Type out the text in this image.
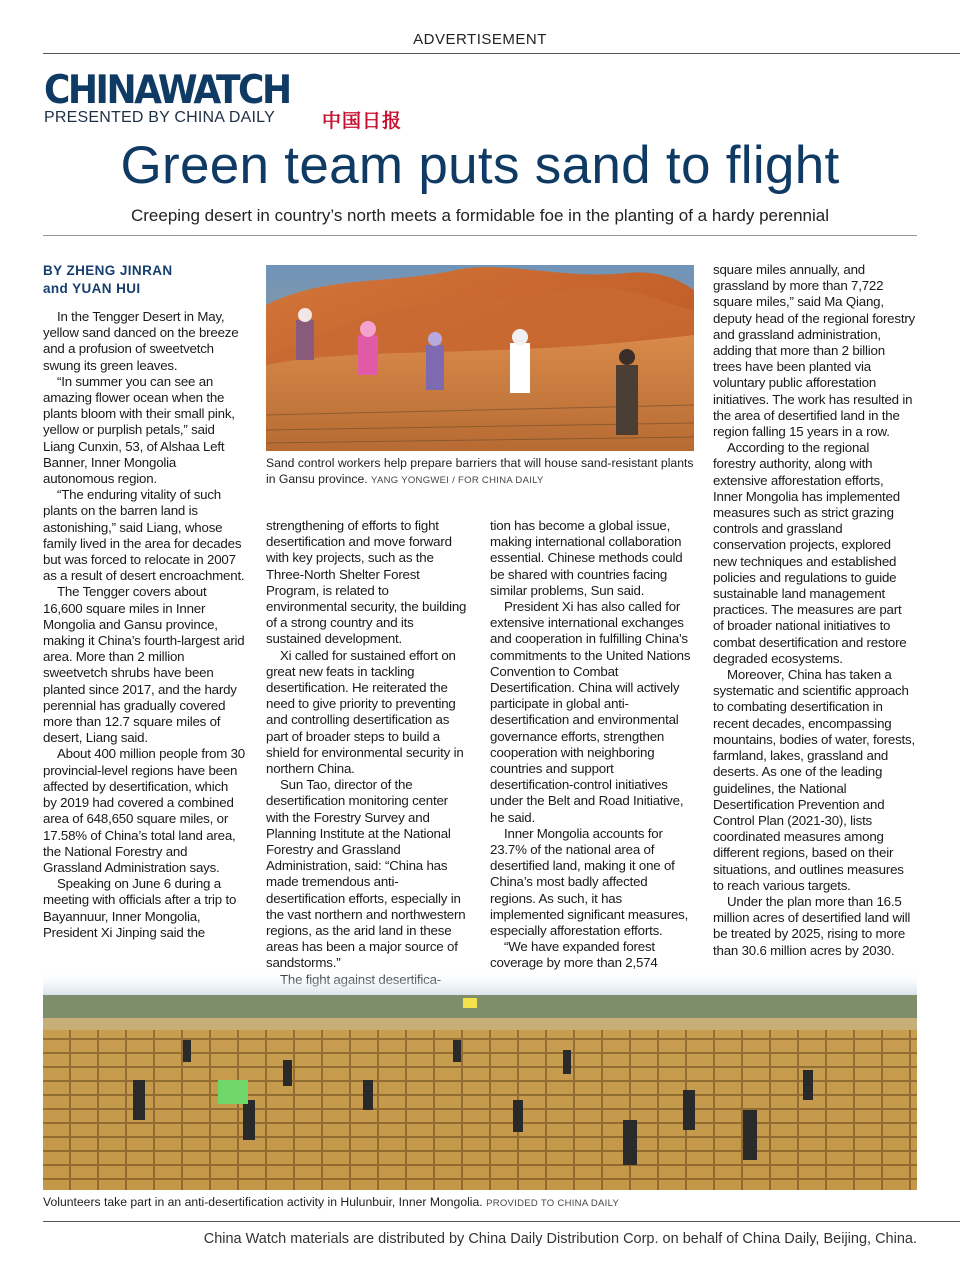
ADVERTISEMENT
CHINAWATCH
PRESENTED BY CHINA DAILY 中国日报
Green team puts sand to flight
Creeping desert in country’s north meets a formidable foe in the planting of a hardy perennial
BY ZHENG JINRAN
and YUAN HUI

In the Tengger Desert in May, yellow sand danced on the breeze and a profusion of sweetvetch swung its green leaves.

“In summer you can see an amazing flower ocean when the plants bloom with their small pink, yellow or purplish petals,” said Liang Cunxin, 53, of Alshaa Left Banner, Inner Mongolia autonomous region.

“The enduring vitality of such plants on the barren land is astonishing,” said Liang, whose family lived in the area for decades but was forced to relocate in 2007 as a result of desert encroachment.

The Tengger covers about 16,600 square miles in Inner Mongolia and Gansu province, making it China’s fourth-largest arid area. More than 2 million sweetvetch shrubs have been planted since 2017, and the hardy perennial has gradually covered more than 12.7 square miles of desert, Liang said.

About 400 million people from 30 provincial-level regions have been affected by desertification, which by 2019 had covered a combined area of 648,650 square miles, or 17.58% of China’s total land area, the National Forestry and Grassland Administration says.

Speaking on June 6 during a meeting with officials after a trip to Bayannuur, Inner Mongolia, President Xi Jinping said the

Sand control workers help prepare barriers that will house sand-resistant plants in Gansu province. YANG YONGWEI / FOR CHINA DAILY

strengthening of efforts to fight desertification and move forward with key projects, such as the Three-North Shelter Forest Program, is related to environmental security, the building of a strong country and its sustained development.

Xi called for sustained effort on great new feats in tackling desertification. He reiterated the need to give priority to preventing and controlling desertification as part of broader steps to build a shield for environmental security in northern China.

Sun Tao, director of the desertification monitoring center with the Forestry Survey and Planning Institute at the National Forestry and Grassland Administration, said: “China has made tremendous anti-desertification efforts, especially in the vast northern and northwestern regions, as the arid land in these areas has been a major source of sandstorms.”

tion has become a global issue, making international collaboration essential. Chinese methods could be shared with countries facing similar problems, Sun said.

President Xi has also called for extensive international exchanges and cooperation in fulfilling China’s commitments to the United Nations Convention to Combat Desertification. China will actively participate in global anti-desertification and environmental governance efforts, strengthen cooperation with neighboring countries and support desertification-control initiatives under the Belt and Road Initiative, he said.

Inner Mongolia accounts for 23.7% of the national area of desertified land, making it one of China’s most badly affected regions. As such, it has implemented significant measures, especially afforestation efforts.

“We have expanded forest coverage by more than 2,574

square miles annually, and grassland by more than 7,722 square miles,” said Ma Qiang, deputy head of the regional forestry and grassland administration, adding that more than 2 billion trees have been planted via voluntary public afforestation initiatives. The work has resulted in the area of desertified land in the region falling 15 years in a row.

According to the regional forestry authority, along with extensive afforestation efforts, Inner Mongolia has implemented measures such as strict grazing controls and grassland conservation projects, explored new techniques and established policies and regulations to guide sustainable land management practices. The measures are part of broader national initiatives to combat desertification and restore degraded ecosystems.

Moreover, China has taken a systematic and scientific approach to combating desertification in recent decades, encompassing mountains, bodies of water, forests, farmland, lakes, grassland and deserts. As one of the leading guidelines, the National Desertification Prevention and Control Plan (2021-30), lists coordinated measures among different regions, based on their situations, and outlines measures to reach various targets.

Under the plan more than 16.5 million acres of desertified land will be treated by 2025, rising to more than 30.6 million acres by 2030.

Volunteers take part in an anti-desertification activity in Hulunbuir, Inner Mongolia. PROVIDED TO CHINA DAILY
China Watch materials are distributed by China Daily Distribution Corp. on behalf of China Daily, Beijing, China.
